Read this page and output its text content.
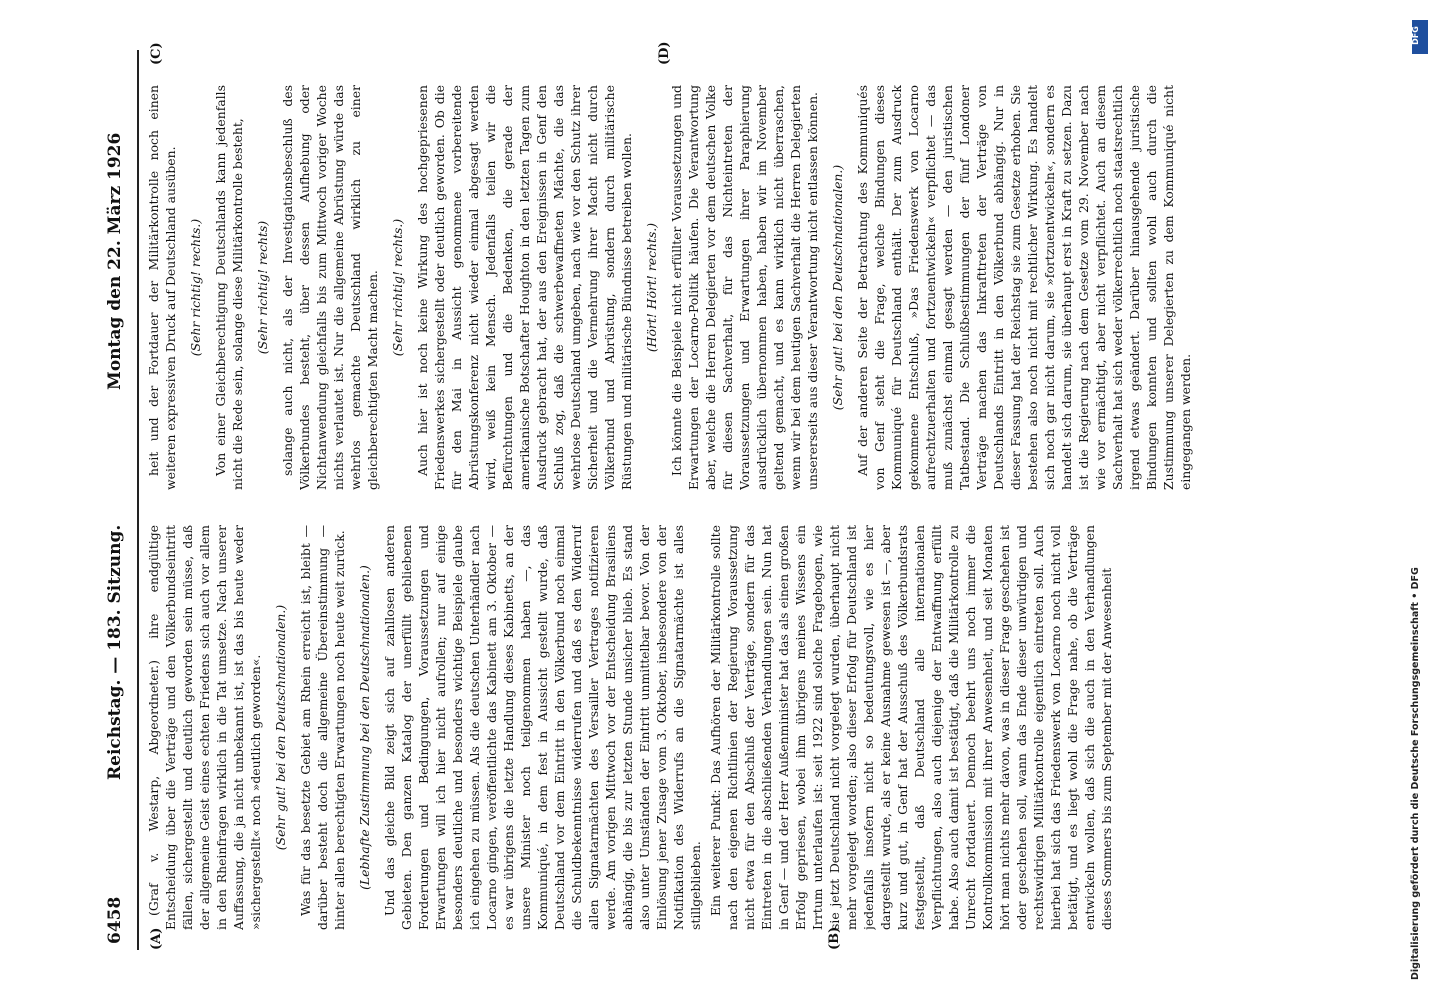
6458
Reichstag. — 183. Sitzung.
Montag den 22. März 1926
(A)	(B)
(C)	(D)

(Graf v. Westarp, Abgeordneter.) ihre endgültige Entscheidung über die Verträge und den Völkerbundseintritt fällen, sichergestellt und deutlich geworden sein müsse, daß der allgemeine Geist eines echten Friedens sich auch vor allem in den Rheinfragen wirklich in die Tat umsetze. Nach unserer Auffassung, die ja nicht unbekannt ist, ist das bis heute weder »sichergestellt« noch »deutlich geworden«. (Sehr gut! bei den Deutschnationalen.) Was für das besetzte Gebiet am Rhein erreicht ist, bleibt — darüber besteht doch die allgemeine Übereinstimmung — hinter allen berechtigten Erwartungen noch heute weit zurück. (Lebhafte Zustimmung bei den Deutschnationalen.) Und das gleiche Bild zeigt sich auf zahllosen anderen Gebieten. Den ganzen Katalog der unerfüllt gebliebenen Forderungen und Bedingungen, Voraussetzungen und Erwartungen will ich hier nicht aufrollen; nur auf einige besonders deutliche und besonders wichtige Beispiele glaube ich eingehen zu müssen. Als die deutschen Unterhändler nach Locarno gingen, veröffentlichte das Kabinett am 3. Oktober — es war übrigens die letzte Handlung dieses Kabinetts, an der unsere Minister noch teilgenommen haben —, das Kommuniqué, in dem fest in Aussicht gestellt wurde, daß Deutschland vor dem Eintritt in den Völkerbund noch einmal die Schuldbekenntnisse widerrufen und daß es den Widerruf allen Signatarmächten des Versailler Vertrages notifizieren werde. Am vorigen Mittwoch vor der Entscheidung Brasiliens abhängig, die bis zur letzten Stunde unsicher blieb. Es stand also unter Umständen der Eintritt unmittelbar bevor. Von der Einlösung jener Zusage vom 3. Oktober, insbesondere von der Notifikation des Widerrufs an die Signatarmächte ist alles stillgeblieben. Ein weiterer Punkt: Das Aufhören der Militärkontrolle sollte nach den eigenen Richtlinien der Regierung Voraussetzung nicht etwa für den Abschluß der Verträge, sondern für das Eintreten in die abschließenden Verhandlungen sein. Nun hat in Genf — und der Herr Außenminister hat das als einen großen Erfolg gepriesen, wobei ihm übrigens meines Wissens ein Irrtum unterlaufen ist: seit 1922 sind solche Fragebogen, wie sie jetzt Deutschland nicht vorgelegt wurden, überhaupt nicht mehr vorgelegt worden; also dieser Erfolg für Deutschland ist jedenfalls insofern nicht so bedeutungsvoll, wie es hier dargestellt wurde, als er keine Ausnahme gewesen ist —, aber kurz und gut, in Genf hat der Ausschuß des Völkerbundsrats festgestellt, daß Deutschland alle internationalen Verpflichtungen, also auch diejenige der Entwaffnung erfüllt habe. Also auch damit ist bestätigt, daß die Militärkontrolle zu Unrecht fortdauert. Dennoch beehrt uns noch immer die Kontrollkommission mit ihrer Anwesenheit, und seit Monaten hört man nichts mehr davon, was in dieser Frage geschehen ist oder geschehen soll, wann das Ende dieser unwürdigen und rechtswidrigen Militärkontrolle eigentlich eintreten soll. Auch hierbei hat sich das Friedenswerk von Locarno noch nicht voll betätigt, und es liegt wohl die Frage nahe, ob die Verträge entwickeln wollen, daß sich die auch in den Verhandlungen dieses Sommers bis zum September mit der Anwesenheit

heit und der Fortdauer der Militärkontrolle noch einen weiteren expressiven Druck auf Deutschland ausüben. (Sehr richtig! rechts.) Von einer Gleichberechtigung Deutschlands kann jedenfalls nicht die Rede sein, solange diese Militärkontrolle besteht, (Sehr richtig! rechts) solange auch nicht, als der Investigationsbeschluß des Völkerbundes besteht, über dessen Aufhebung oder Nichtanwendung gleichfalls bis zum Mittwoch voriger Woche nichts verlautet ist. Nur die allgemeine Abrüstung würde das wehrlos gemachte Deutschland wirklich zu einer gleichberechtigten Macht machen. (Sehr richtig! rechts.) Auch hier ist noch keine Wirkung des hochgepriesenen Friedenswerkes sichergestellt oder deutlich geworden. Ob die für den Mai in Aussicht genommene vorbereitende Abrüstungskonferenz nicht wieder einmal abgesagt werden wird, weiß kein Mensch. Jedenfalls teilen wir die Befürchtungen und die Bedenken, die gerade der amerikanische Botschafter Houghton in den letzten Tagen zum Ausdruck gebracht hat, der aus den Ereignissen in Genf den Schluß zog, daß die schwerbewaffneten Mächte, die das wehrlose Deutschland umgeben, nach wie vor den Schutz ihrer Sicherheit und die Vermehrung ihrer Macht nicht durch Völkerbund und Abrüstung, sondern durch militärische Rüstungen und militärische Bündnisse betreiben wollen. (Hört! Hört! rechts.) Ich könnte die Beispiele nicht erfüllter Voraussetzungen und Erwartungen der Locarno-Politik häufen. Die Verantwortung aber, welche die Herren Delegierten vor dem deutschen Volke für diesen Sachverhalt, für das Nichteintreten der Voraussetzungen und Erwartungen ihrer Paraphierung ausdrücklich übernommen haben, haben wir im November geltend gemacht, und es kann wirklich nicht überraschen, wenn wir bei dem heutigen Sachverhalt die Herren Delegierten unsererseits aus dieser Verantwortung nicht entlassen können. (Sehr gut! bei den Deutschnationalen.) Auf der anderen Seite der Betrachtung des Kommuniqués von Genf steht die Frage, welche Bindungen dieses Kommuniqué für Deutschland enthält. Der zum Ausdruck gekommene Entschluß, »Das Friedenswerk von Locarno aufrechtzuerhalten und fortzuentwickeln« verpflichtet — das muß zunächst einmal gesagt werden — den juristischen Tatbestand. Die Schlußbestimmungen der fünf Londoner Verträge machen das Inkrafttreten der Verträge von Deutschlands Eintritt in den Völkerbund abhängig. Nur in dieser Fassung hat der Reichstag sie zum Gesetze erhoben. Sie bestehen also noch nicht mit rechtlicher Wirkung. Es handelt sich noch gar nicht darum, sie »fortzuentwickeln«, sondern es handelt sich darum, sie überhaupt erst in Kraft zu setzen. Dazu ist die Regierung nach dem Gesetze vom 29. November nach wie vor ermächtigt, aber nicht verpflichtet. Auch an diesem Sachverhalt hat sich weder völkerrechtlich noch staatsrechtlich irgend etwas geändert. Darüber hinausgehende juristische Bindungen konnten und sollten wohl auch durch die Zustimmung unserer Delegierten zu dem Kommuniqué nicht eingegangen werden.

DFG
Digitalisierung gefördert durch die Deutsche Forschungsgemeinschaft • DFG
